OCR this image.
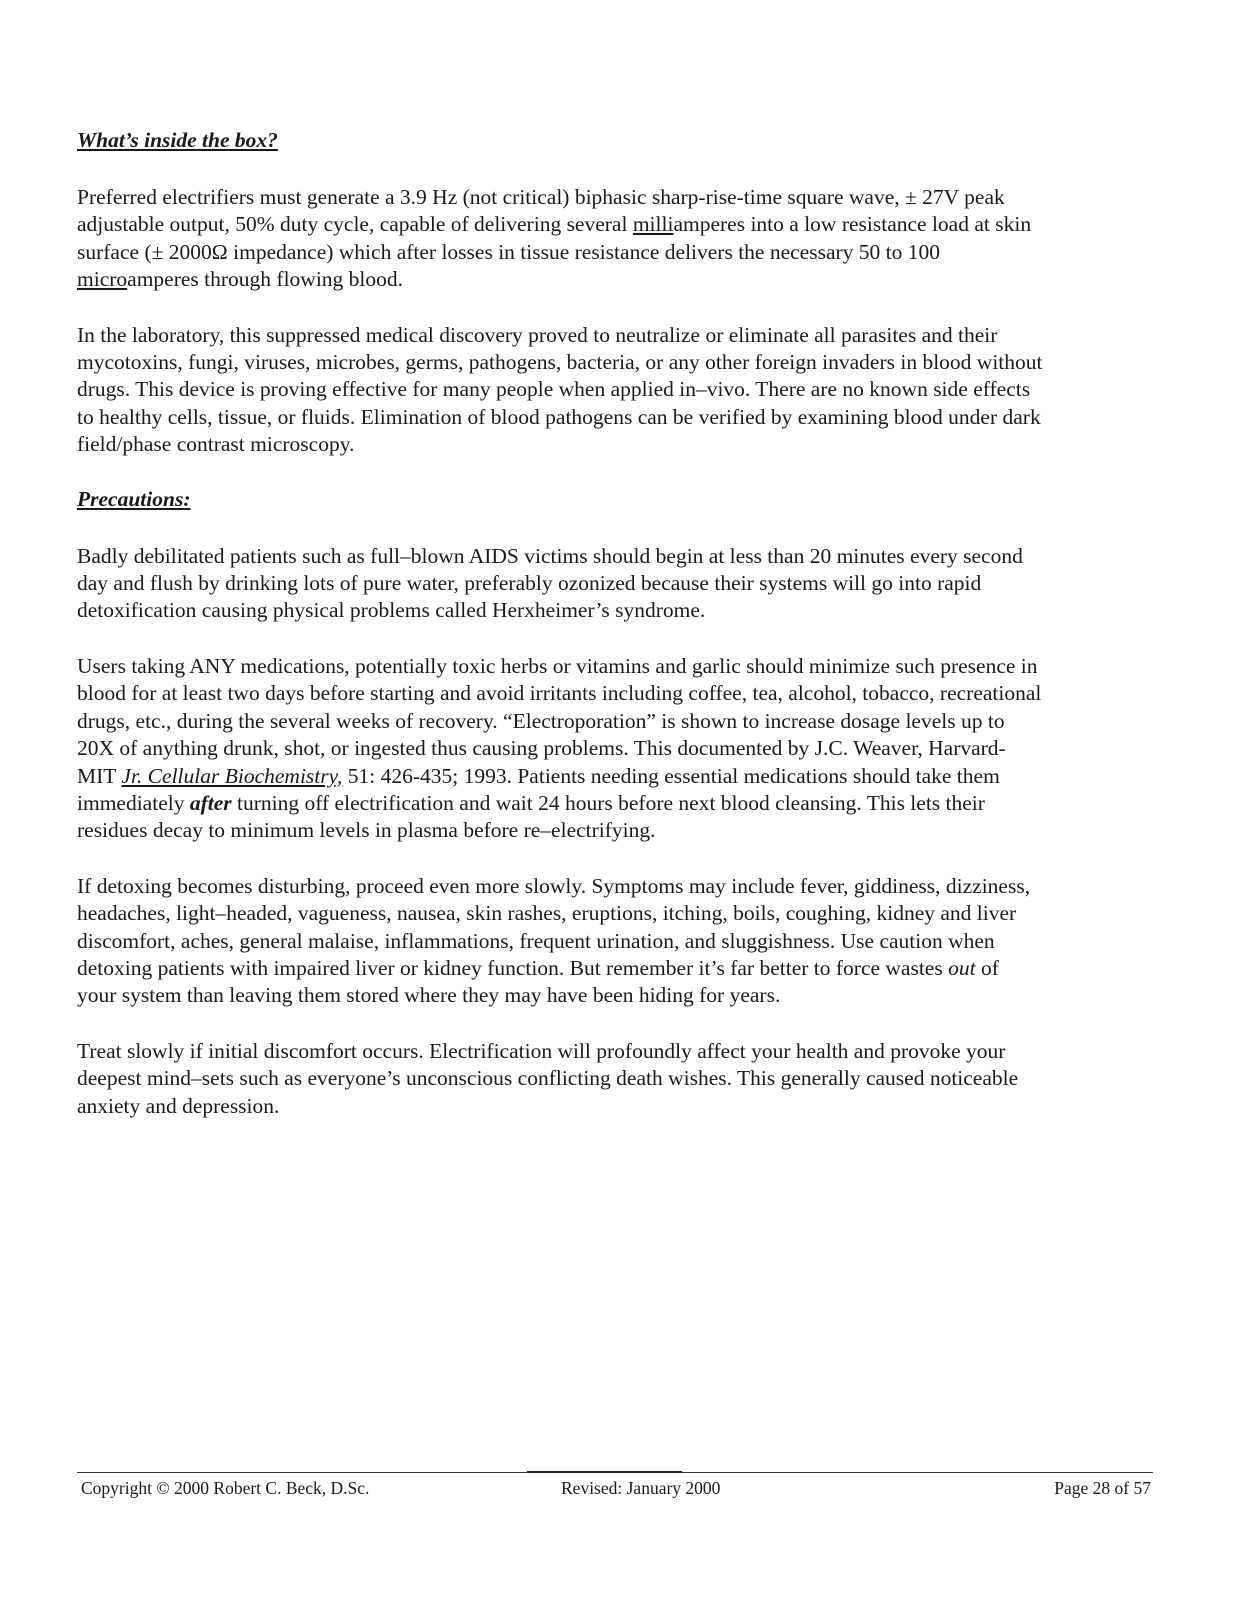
What’s inside the box?

Preferred electrifiers must generate a 3.9 Hz (not critical) biphasic sharp-rise-time square wave, ± 27V peak
adjustable output, 50% duty cycle, capable of delivering several milliamperes into a low resistance load at skin
surface (± 2000Ω impedance) which after losses in tissue resistance delivers the necessary 50 to 100
microamperes through flowing blood.

In the laboratory, this suppressed medical discovery proved to neutralize or eliminate all parasites and their
mycotoxins, fungi, viruses, microbes, germs, pathogens, bacteria, or any other foreign invaders in blood without
drugs. This device is proving effective for many people when applied in–vivo. There are no known side effects
to healthy cells, tissue, or fluids. Elimination of blood pathogens can be verified by examining blood under dark
field/phase contrast microscopy.

Precautions:

Badly debilitated patients such as full–blown AIDS victims should begin at less than 20 minutes every second
day and flush by drinking lots of pure water, preferably ozonized because their systems will go into rapid
detoxification causing physical problems called Herxheimer’s syndrome.

Users taking ANY medications, potentially toxic herbs or vitamins and garlic should minimize such presence in
blood for at least two days before starting and avoid irritants including coffee, tea, alcohol, tobacco, recreational
drugs, etc., during the several weeks of recovery. “Electroporation” is shown to increase dosage levels up to
20X of anything drunk, shot, or ingested thus causing problems. This documented by J.C. Weaver, Harvard-
MIT Jr. Cellular Biochemistry, 51: 426-435; 1993. Patients needing essential medications should take them
immediately after turning off electrification and wait 24 hours before next blood cleansing. This lets their
residues decay to minimum levels in plasma before re–electrifying.

If detoxing becomes disturbing, proceed even more slowly. Symptoms may include fever, giddiness, dizziness,
headaches, light–headed, vagueness, nausea, skin rashes, eruptions, itching, boils, coughing, kidney and liver
discomfort, aches, general malaise, inflammations, frequent urination, and sluggishness. Use caution when
detoxing patients with impaired liver or kidney function. But remember it’s far better to force wastes out of
your system than leaving them stored where they may have been hiding for years.

Treat slowly if initial discomfort occurs. Electrification will profoundly affect your health and provoke your
deepest mind–sets such as everyone’s unconscious conflicting death wishes. This generally caused noticeable
anxiety and depression.

Copyright © 2000 Robert C. Beck, D.Sc.	Revised: January 2000	Page 28 of 57
